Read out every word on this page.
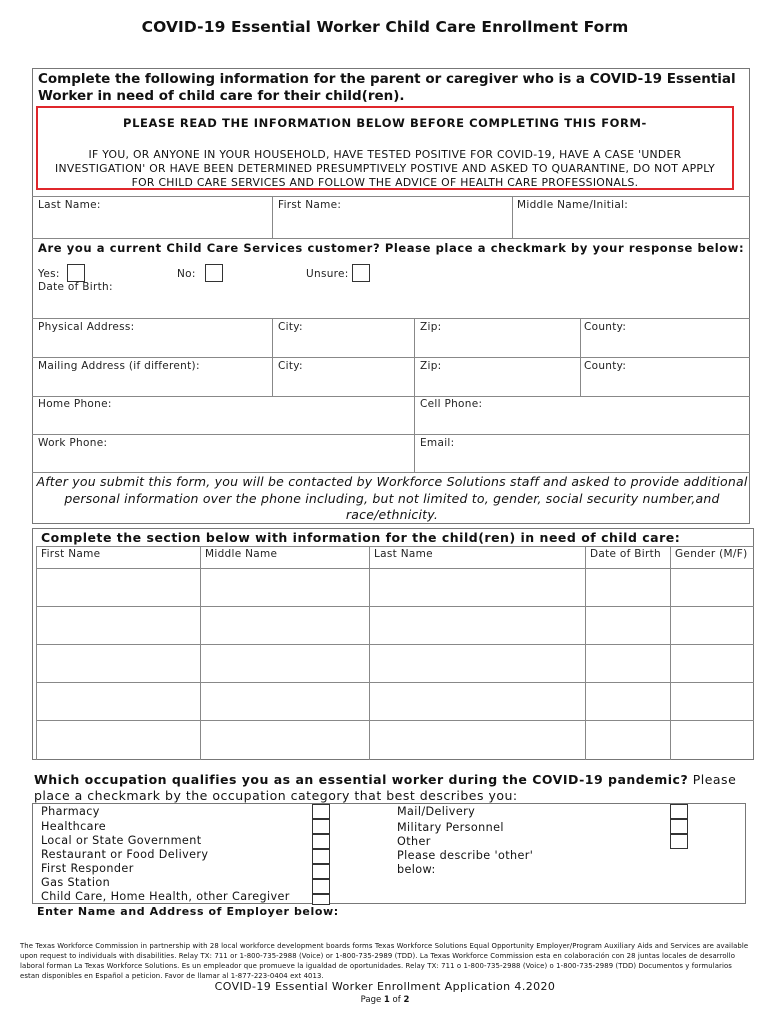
COVID-19 Essential Worker Child Care Enrollment Form
Complete the following information for the parent or caregiver who is a COVID-19 Essential Worker in need of child care for their child(ren).
PLEASE READ THE INFORMATION BELOW BEFORE COMPLETING THIS FORM-
IF YOU, OR ANYONE IN YOUR HOUSEHOLD, HAVE TESTED POSITIVE FOR COVID-19, HAVE A CASE 'UNDER INVESTIGATION' OR HAVE BEEN DETERMINED PRESUMPTIVELY POSTIVE AND ASKED TO QUARANTINE, DO NOT APPLY FOR CHILD CARE SERVICES AND FOLLOW THE ADVICE OF HEALTH CARE PROFESSIONALS.
Last Name:	First Name:	Middle Name/Initial:
Are you a current Child Care Services customer? Please place a checkmark by your response below:
Yes:	No:	Unsure:
Date of Birth:
Physical Address:	City:	Zip:	County:
Mailing Address (if different):	City:	Zip:	County:
Home Phone:	Cell Phone:
Work Phone:	Email:
After you submit this form, you will be contacted by Workforce Solutions staff and asked to provide additional personal information over the phone including, but not limited to, gender, social security number,and race/ethnicity.
Complete the section below with information for the child(ren) in need of child care:
First Name	Middle Name	Last Name	Date of Birth Gender (M/F)
Which occupation qualifies you as an essential worker during the COVID-19 pandemic? Please place a checkmark by the occupation category that best describes you:
Pharmacy
Healthcare
Local or State Government
Restaurant or Food Delivery
First Responder
Gas Station
Child Care, Home Health, other Caregiver
Mail/Delivery
Military Personnel
Other
Please describe 'other' below:
Enter Name and Address of Employer below:
The Texas Workforce Commission in partnership with 28 local workforce development boards forms Texas Workforce Solutions Equal Opportunity Employer/Program Auxiliary Aids and Services are available upon request to individuals with disabilities. Relay TX: 711 or 1-800-735-2988 (Voice) or 1-800-735-2989 (TDD). La Texas Workforce Commission esta en colaboración con 28 juntas locales de desarrollo laboral forman La Texas Workforce Solutions. Es un empleador que promueve la igualdad de oportunidades. Relay TX: 711 o 1-800-735-2988 (Voice) o 1-800-735-2989 (TDD) Documentos y formularios estan disponibles en Español a peticion. Favor de llamar al 1-877-223-0404 ext 4013.
COVID-19 Essential Worker Enrollment Application 4.2020
Page 1 of 2
